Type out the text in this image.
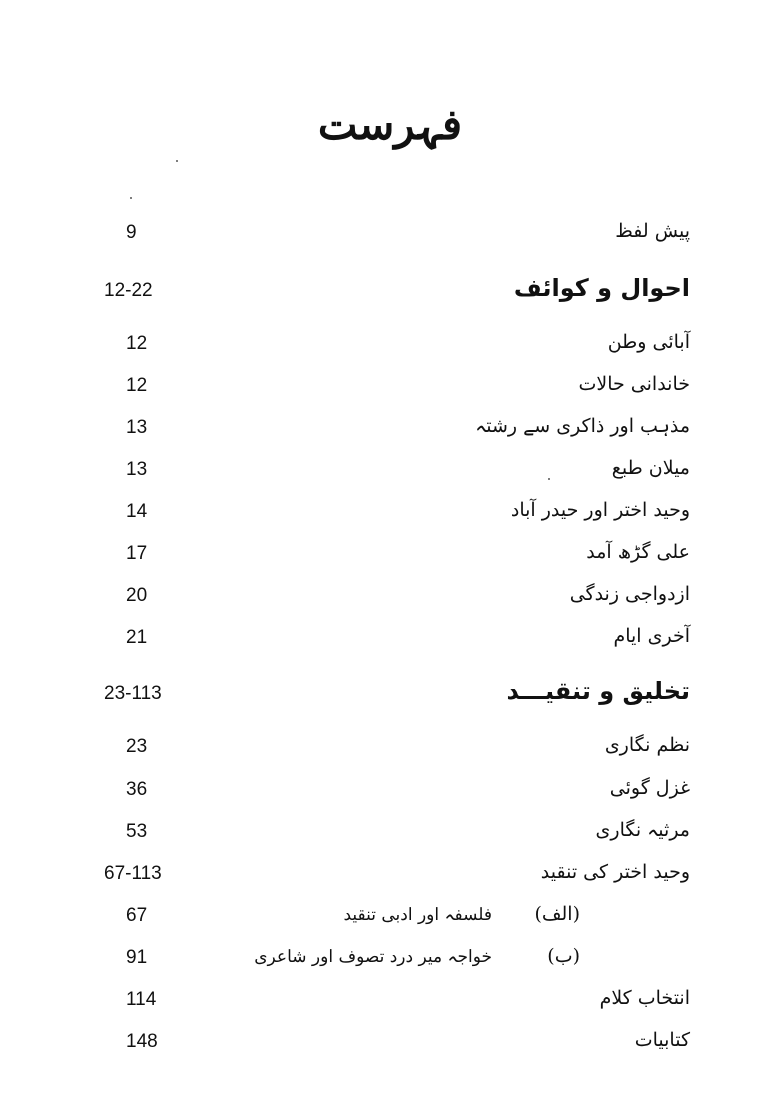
فہرست
پیش لفظ
9
احوال و کوائف
12-22
آبائی وطن
12
خاندانی حالات
12
مذہب اور ذاکری سے رشتہ
13
میلان طبع
13
وحید اختر اور حیدر آباد
14
علی گڑھ آمد
17
ازدواجی زندگی
20
آخری ایام
21
تخلیق و تنقیـــد
23-113
نظم نگاری
23
غزل گوئی
36
مرثیہ نگاری
53
وحید اختر کی تنقید
67-113
(الف)
فلسفہ اور ادبی تنقید
67
(ب)
خواجہ میر درد تصوف اور شاعری
91
انتخاب کلام
114
کتابیات
148
